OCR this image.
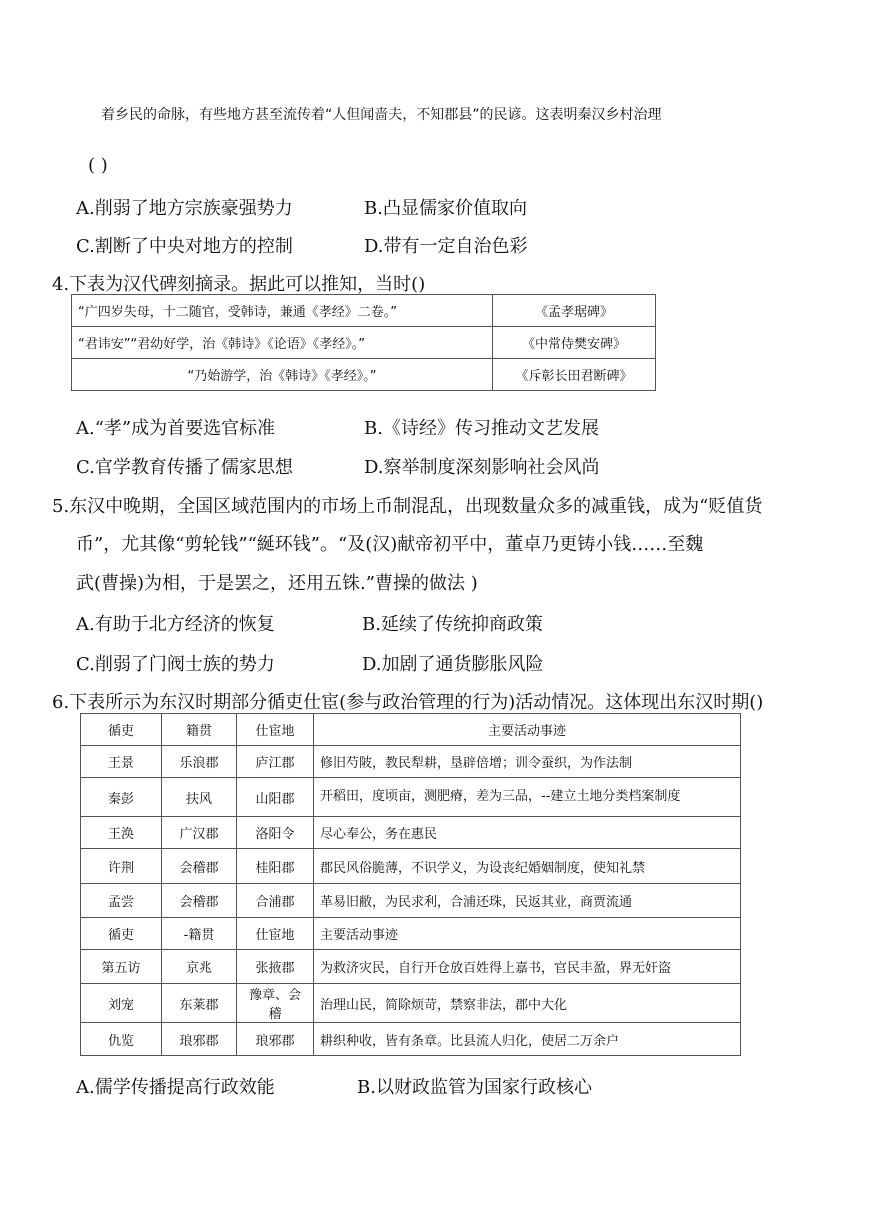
着乡民的命脉，有些地方甚至流传着“人但闻啬夫，不知郡县”的民谚。这表明秦汉乡村治理
( )
A.削弱了地方宗族豪强势力	B.凸显儒家价值取向
C.割断了中央对地方的控制	D.带有一定自治色彩
4.下表为汉代碑刻摘录。据此可以推知，当时()
“广四岁失母，十二随官，受韩诗，兼通《孝经》二卷。”	《孟孝琚碑》
“君讳安”“君幼好学，治《韩诗》《论语》《孝经》。”	《中常侍樊安碑》
“乃始游学，治《韩诗》《孝经》。”	《斥彰长田君断碑》
A.“孝”成为首要选官标准	B.《诗经》传习推动文艺发展
C.官学教育传播了儒家思想	D.察举制度深刻影响社会风尚
5.东汉中晚期，全国区域范围内的市场上币制混乱，出现数量众多的减重钱，成为“贬值货
币”，尤其像“剪轮钱”“綖环钱”。“及(汉)献帝初平中，董卓乃更铸小钱……至魏
武(曹操)为相，于是罢之，还用五铢.”曹操的做法 )
A.有助于北方经济的恢复	B.延续了传统抑商政策
C.削弱了门阀士族的势力	D.加剧了通货膨胀风险
6.下表所示为东汉时期部分循吏仕宦(参与政治管理的行为)活动情况。这体现出东汉时期()
循吏	籍贯	仕宦地	主要活动事迹
王景	乐浪郡	庐江郡	修旧芍陂，教民犁耕，垦辟倍增；训令蚕织，为作法制
秦彭	扶风	山阳郡	开稻田，度顷亩，测肥瘠，差为三品，--建立土地分类档案制度
王涣	广汉郡	洛阳令	尽心奉公，务在惠民
许荆	会稽郡	桂阳郡	郡民风俗脆薄，不识学义，为设丧纪婚姻制度，使知礼禁
孟尝	会稽郡	合浦郡	革易旧敝，为民求利，合浦还珠，民返其业，商贾流通
循吏	-籍贯	仕宦地	主要活动事迹
第五访	京兆	张掖郡	为救济灾民，自行开仓放百姓得上嘉书，官民丰盈，界无奸盗
刘宠	东莱郡	豫章、会稽	治理山民，简除烦苛，禁察非法，郡中大化
仇览	琅邪郡	琅邪郡	耕织种收，皆有条章。比县流人归化，使居二万余户
A.儒学传播提高行政效能	B.以财政监管为国家行政核心
